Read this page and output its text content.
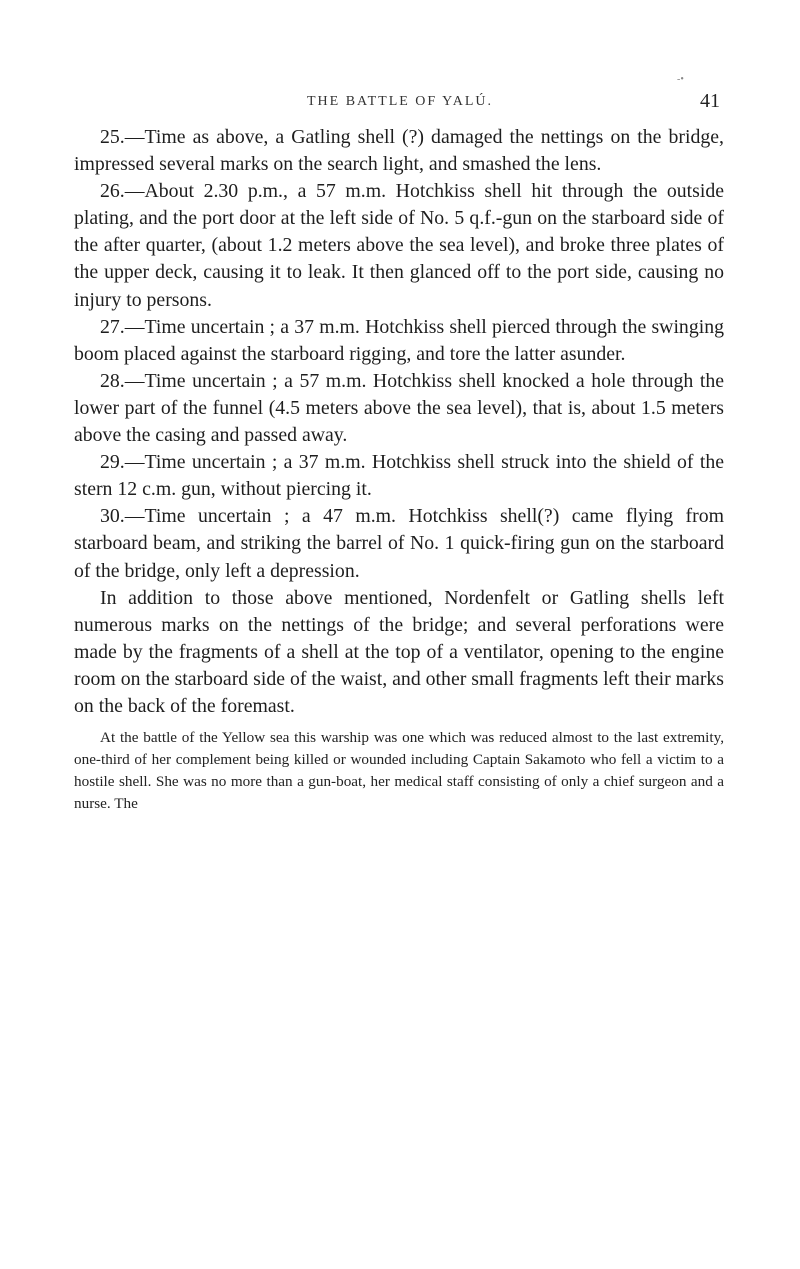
-•
THE BATTLE OF YALÚ.	41

25.—Time as above, a Gatling shell (?) damaged the nettings on the bridge, impressed several marks on the search light, and smashed the lens.

26.—About 2.30 p.m., a 57 m.m. Hotchkiss shell hit through the outside plating, and the port door at the left side of No. 5 q.f.-gun on the starboard side of the after quarter, (about 1.2 meters above the sea level), and broke three plates of the upper deck, causing it to leak. It then glanced off to the port side, causing no injury to persons.

27.—Time uncertain ; a 37 m.m. Hotchkiss shell pierced through the swinging boom placed against the starboard rigging, and tore the latter asunder.

28.—Time uncertain ; a 57 m.m. Hotchkiss shell knocked a hole through the lower part of the funnel (4.5 meters above the sea level), that is, about 1.5 meters above the casing and passed away.

29.—Time uncertain ; a 37 m.m. Hotchkiss shell struck into the shield of the stern 12 c.m. gun, without piercing it.

30.—Time uncertain ; a 47 m.m. Hotchkiss shell(?) came flying from starboard beam, and striking the barrel of No. 1 quick-firing gun on the starboard of the bridge, only left a depression.

In addition to those above mentioned, Nordenfelt or Gatling shells left numerous marks on the nettings of the bridge; and several perforations were made by the fragments of a shell at the top of a ventilator, opening to the engine room on the starboard side of the waist, and other small fragments left their marks on the back of the foremast.

At the battle of the Yellow sea this warship was one which was reduced almost to the last extremity, one-third of her complement being killed or wounded including Captain Sakamoto who fell a victim to a hostile shell. She was no more than a gun-boat, her medical staff consisting of only a chief surgeon and a nurse. The
